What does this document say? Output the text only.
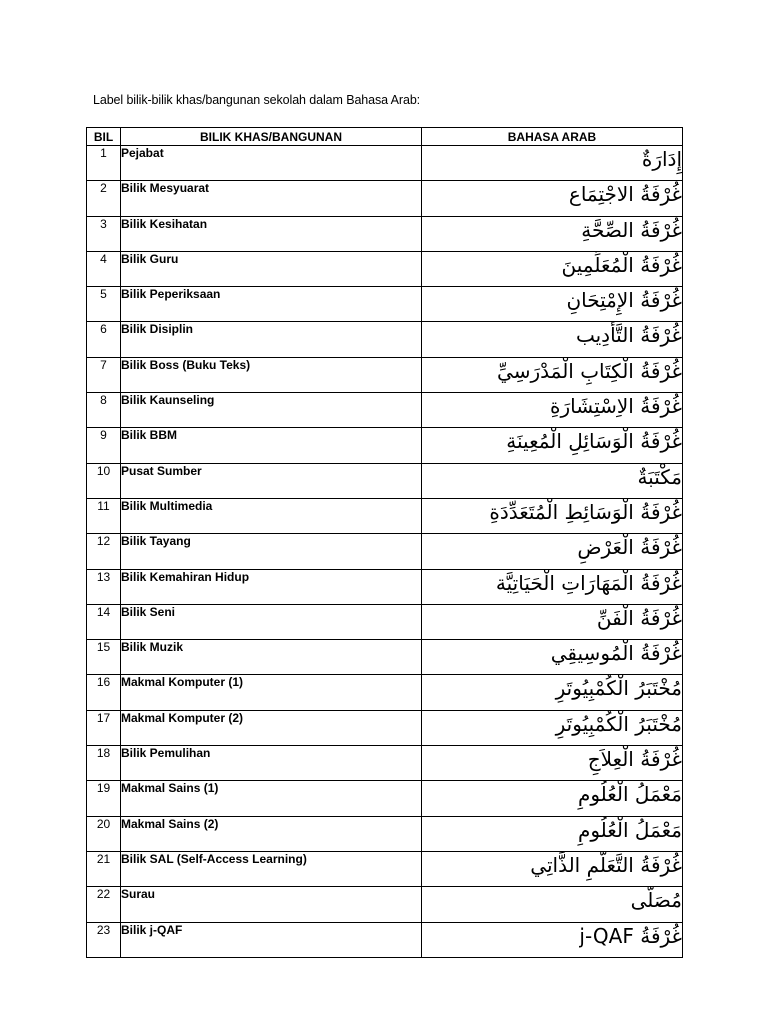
Label bilik-bilik khas/bangunan sekolah dalam Bahasa Arab:
BIL	BILIK KHAS/BANGUNAN	BAHASA ARAB
1	Pejabat	إِدَارَةٌ
2	Bilik Mesyuarat	غُرْفَةُ الاجْتِمَاع
3	Bilik Kesihatan	غُرْفَةُ الصِّحَّةِ
4	Bilik Guru	غُرْفَةُ الْمُعَلِّمِينَ
5	Bilik Peperiksaan	غُرْفَةُ الإِمْتِحَانِ
6	Bilik Disiplin	غُرْفَةُ التَّأْدِيب
7	Bilik Boss (Buku Teks)	غُرْفَةُ الْكِتَابِ الْمَدْرَسِيِّ
8	Bilik Kaunseling	غُرْفَةُ الاِسْتِشَارَةِ
9	Bilik BBM	غُرْفَةُ الْوَسَائِلِ الْمُعِينَةِ
10	Pusat Sumber	مَكْتَبَةٌ
11	Bilik Multimedia	غُرْفَةُ الْوَسَائِطِ الْمُتَعَدِّدَةِ
12	Bilik Tayang	غُرْفَةُ الْعَرْضِ
13	Bilik Kemahiran Hidup	غُرْفَةُ الْمَهَارَاتِ الْحَيَاتِيَّة
14	Bilik Seni	غُرْفَةُ الْفَنِّ
15	Bilik Muzik	غُرْفَةُ الْمُوسِيقِي
16	Makmal Komputer (1)	مُخْتَبَرُ الْكُمْبِيُوتَرِ
17	Makmal Komputer (2)	مُخْتَبَرُ الْكُمْبِيُوتَرِ
18	Bilik Pemulihan	غُرْفَةُ الْعِلاَجِ
19	Makmal Sains (1)	مَعْمَلُ الْعُلُومِ
20	Makmal Sains (2)	مَعْمَلُ الْعُلُومِ
21	Bilik SAL (Self-Access Learning)	غُرْفَةُ التَّعَلُّمِ الذَّاتِي
22	Surau	مُصَلَّى
23	Bilik j-QAF	غُرْفَةُ j-QAF
